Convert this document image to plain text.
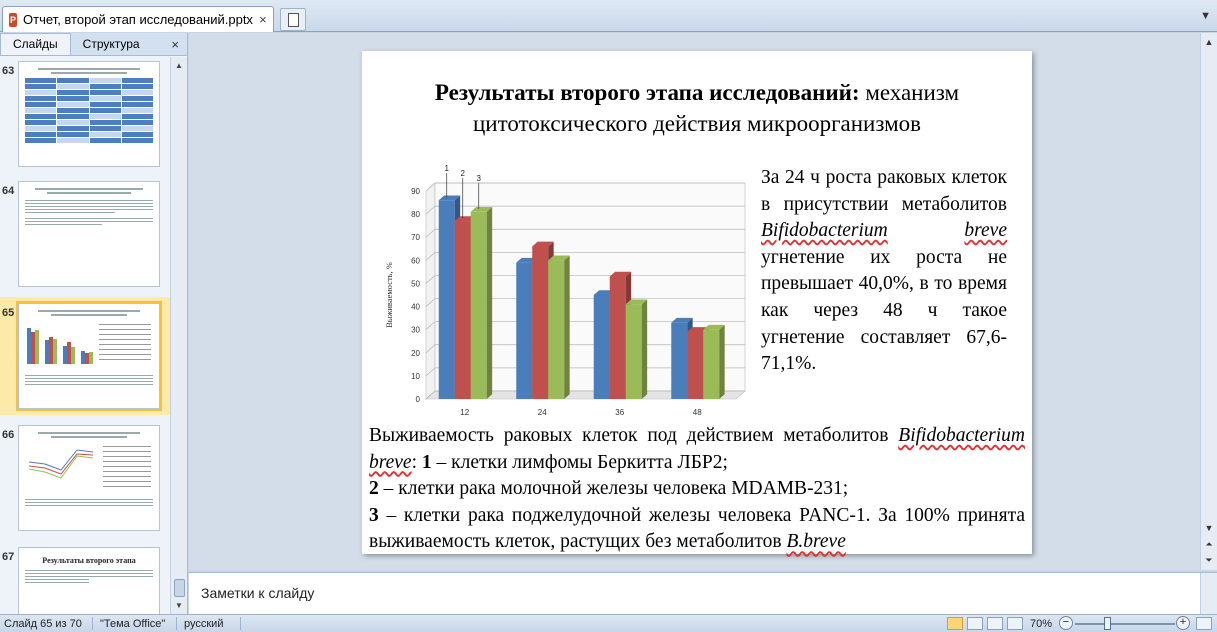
P Отчет, второй этап исследований.pptx ×	▼
Слайды	Структура	×
63
64
65
66
67	Результаты второго этапа
▲
▼
Результаты второго этапа исследований: механизм
цитотоксического действия микроорганизмов
0
10
20
30
40
50
60
70
80
90
12	24	36	48
1
2
3
Выживаемость, %
За 24 ч роста раковых клеток в присутствии метаболитов
Bifidobacterium	breve
угнетение их роста не превышает 40,0%, в то время как через 48 ч такое угнетение составляет 67,6-71,1%.

Выживаемость раковых клеток под действием метаболитов Bifidobacterium breve: 1 – клетки лимфомы Беркитта ЛБР2;

2 – клетки рака молочной железы человека MDAMB-231;

3 – клетки рака поджелудочной железы человека PANC-1. За 100% принята выживаемость клеток, растущих без метаболитов B.breve

▲
▼
⏶
⏷
Заметки к слайду
Слайд 65 из 70 "Тема Office" русский	70% −	+
